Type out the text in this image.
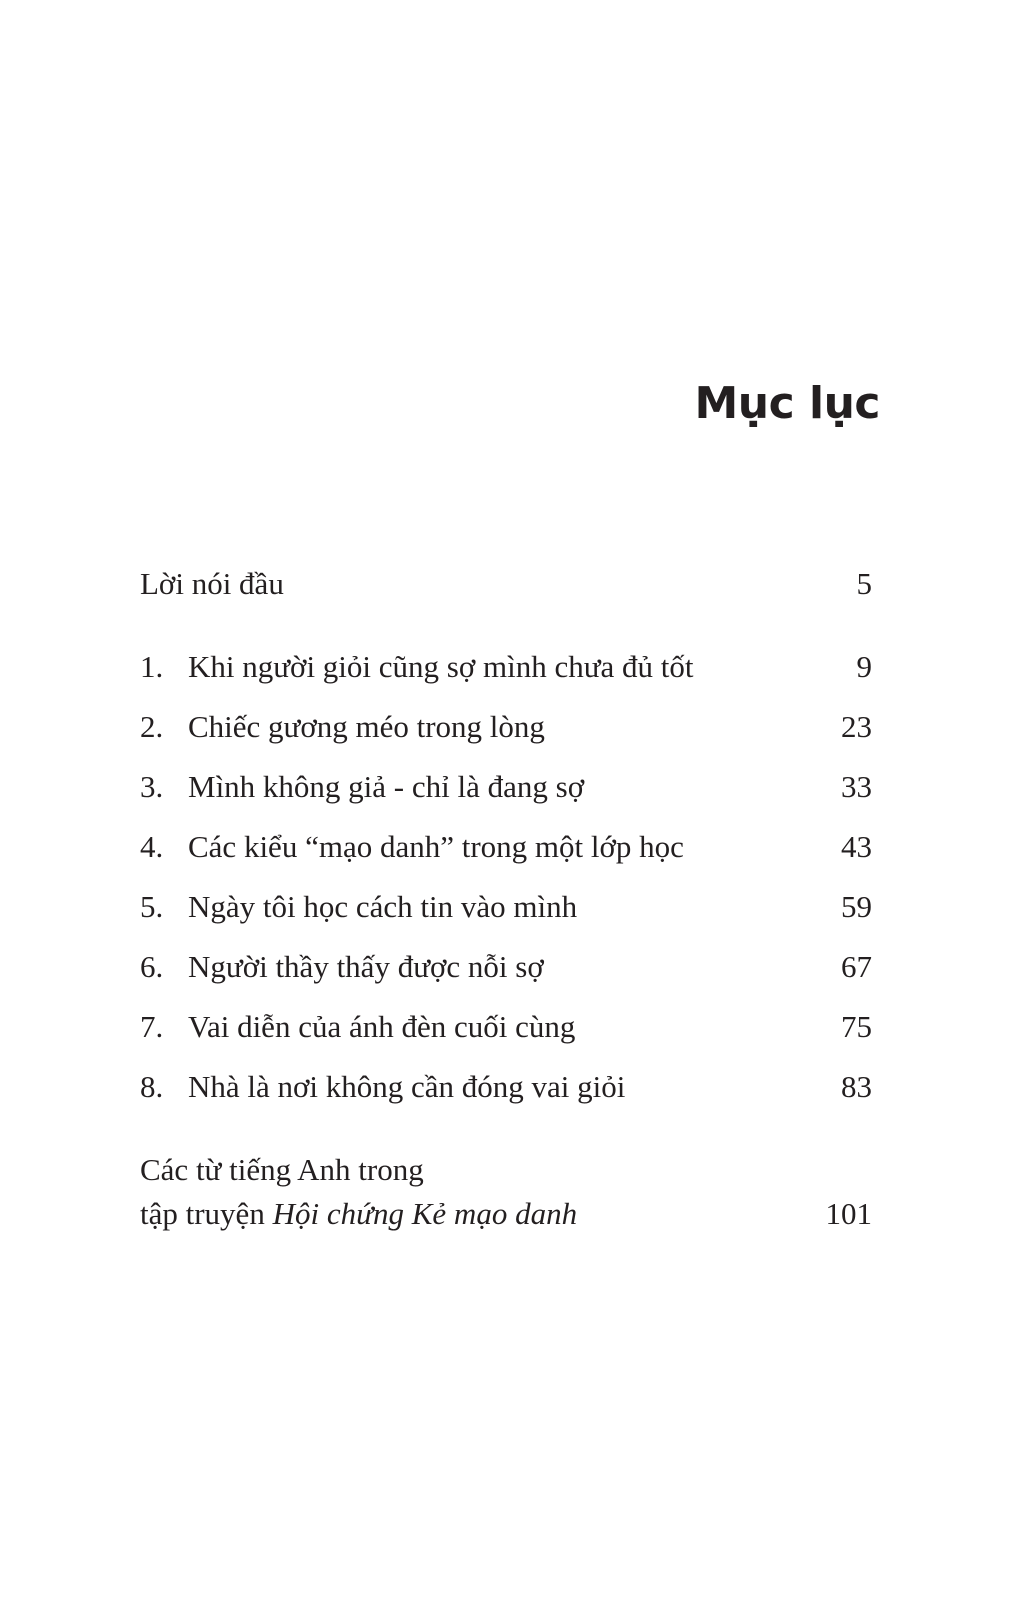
Mục lục
Lời nói đầu	5
1. Khi người giỏi cũng sợ mình chưa đủ tốt	9
2. Chiếc gương méo trong lòng	23
3. Mình không giả - chỉ là đang sợ	33
4. Các kiểu “mạo danh” trong một lớp học	43
5. Ngày tôi học cách tin vào mình	59
6. Người thầy thấy được nỗi sợ	67
7. Vai diễn của ánh đèn cuối cùng	75
8. Nhà là nơi không cần đóng vai giỏi	83
Các từ tiếng Anh trong
tập truyện Hội chứng Kẻ mạo danh	101
